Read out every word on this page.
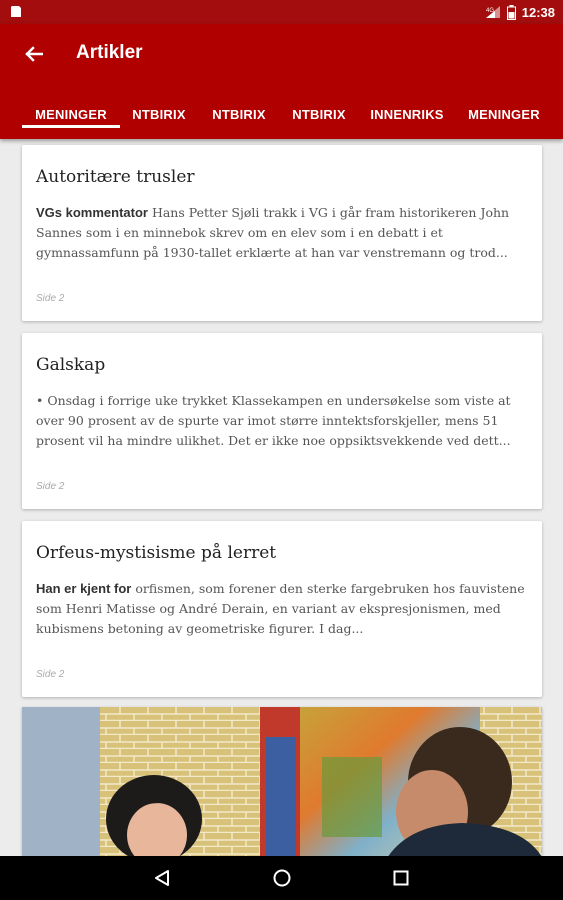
4G 12:38
Artikler
MENINGER	NTBIRIX	NTBIRIX	NTBIRIX	INNENRIKS	MENINGER
Autoritære trusler
VGs kommentator Hans Petter Sjøli trakk i VG i går fram historikeren John Sannes som i en minnebok skrev om en elev som i en debatt i et gymnassamfunn på 1930-tallet erklærte at han var venstremann og trod...
Side 2
Galskap
• Onsdag i forrige uke trykket Klassekampen en undersøkelse som viste at over 90 prosent av de spurte var imot større inntektsforskjeller, mens 51 prosent vil ha mindre ulikhet. Det er ikke noe oppsiktsvekkende ved dett...
Side 2
Orfeus-mystisisme på lerret
Han er kjent for orfismen, som forener den sterke fargebruken hos fauvistene som Henri Matisse og André Derain, en variant av ekspresjonismen, med kubismens betoning av geometriske figurer. I dag...
Side 2
